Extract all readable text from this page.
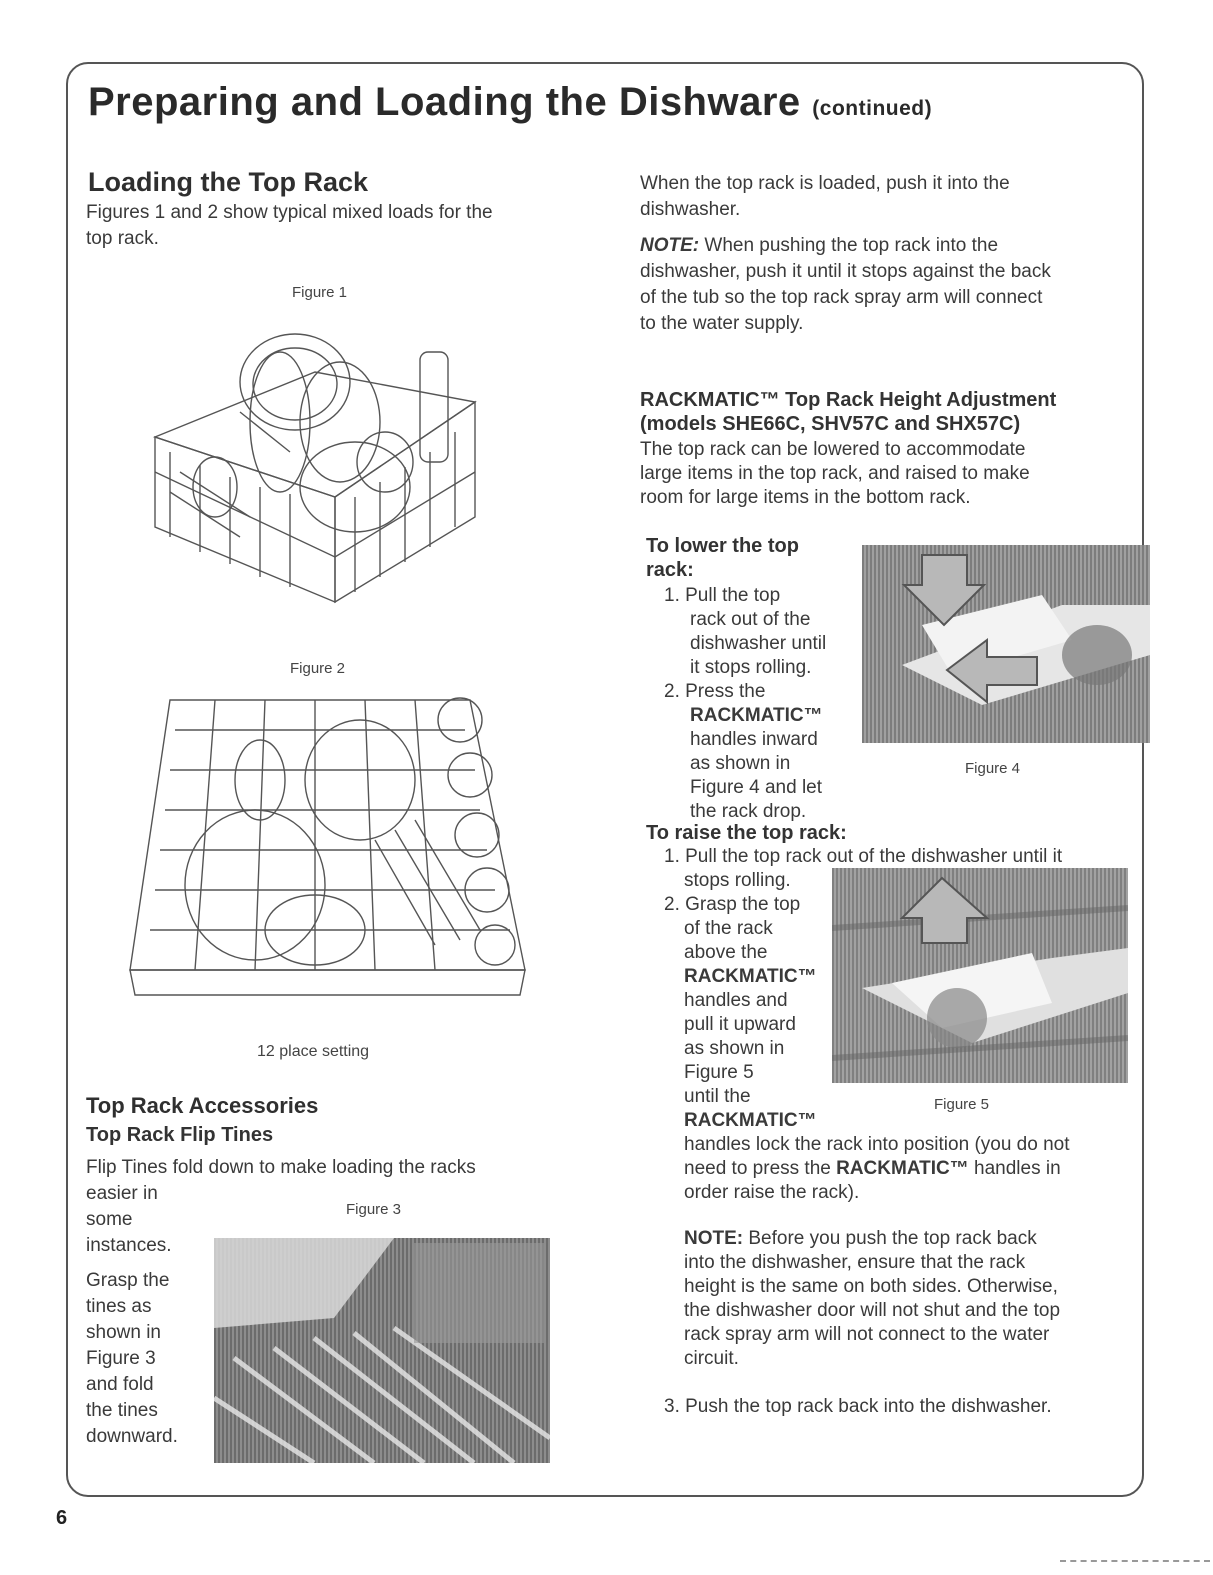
Preparing and Loading the Dishware (continued)
Loading the Top Rack
Figures 1 and 2 show typical mixed loads for the
top rack.
Figure 1
Figure 2
12 place setting
Top Rack Accessories
Top Rack Flip Tines
Flip Tines fold down to make loading the racks
easier in
some
instances.
Figure 3
Grasp the
tines as
shown in
Figure 3
and fold
the tines
downward.
When the top rack is loaded, push it into the
dishwasher.
NOTE: When pushing the top rack into the
dishwasher, push it until it stops against the back
of the tub so the top rack spray arm will connect
to the water supply.
RACKMATIC™ Top Rack Height Adjustment
(models SHE66C, SHV57C and SHX57C)
The top rack can be lowered to accommodate
large items in the top rack, and raised to make
room for large items in the bottom rack.
To lower the top
rack:
1. Pull the top
rack out of the
dishwasher until
it stops rolling.
2. Press the
RACKMATIC™
handles inward
as shown in
Figure 4 and let
the rack drop.
Figure 4
To raise the top rack:
1. Pull the top rack out of the dishwasher until it
stops rolling.
2. Grasp the top
of the rack
above the
RACKMATIC™
handles and
pull it upward
as shown in
Figure 5
until the
RACKMATIC™
Figure 5
handles lock the rack into position (you do not
need to press the RACKMATIC™ handles in
order raise the rack).
NOTE: Before you push the top rack back
into the dishwasher, ensure that the rack
height is the same on both sides. Otherwise,
the dishwasher door will not shut and the top
rack spray arm will not connect to the water
circuit.
3. Push the top rack back into the dishwasher.
6
